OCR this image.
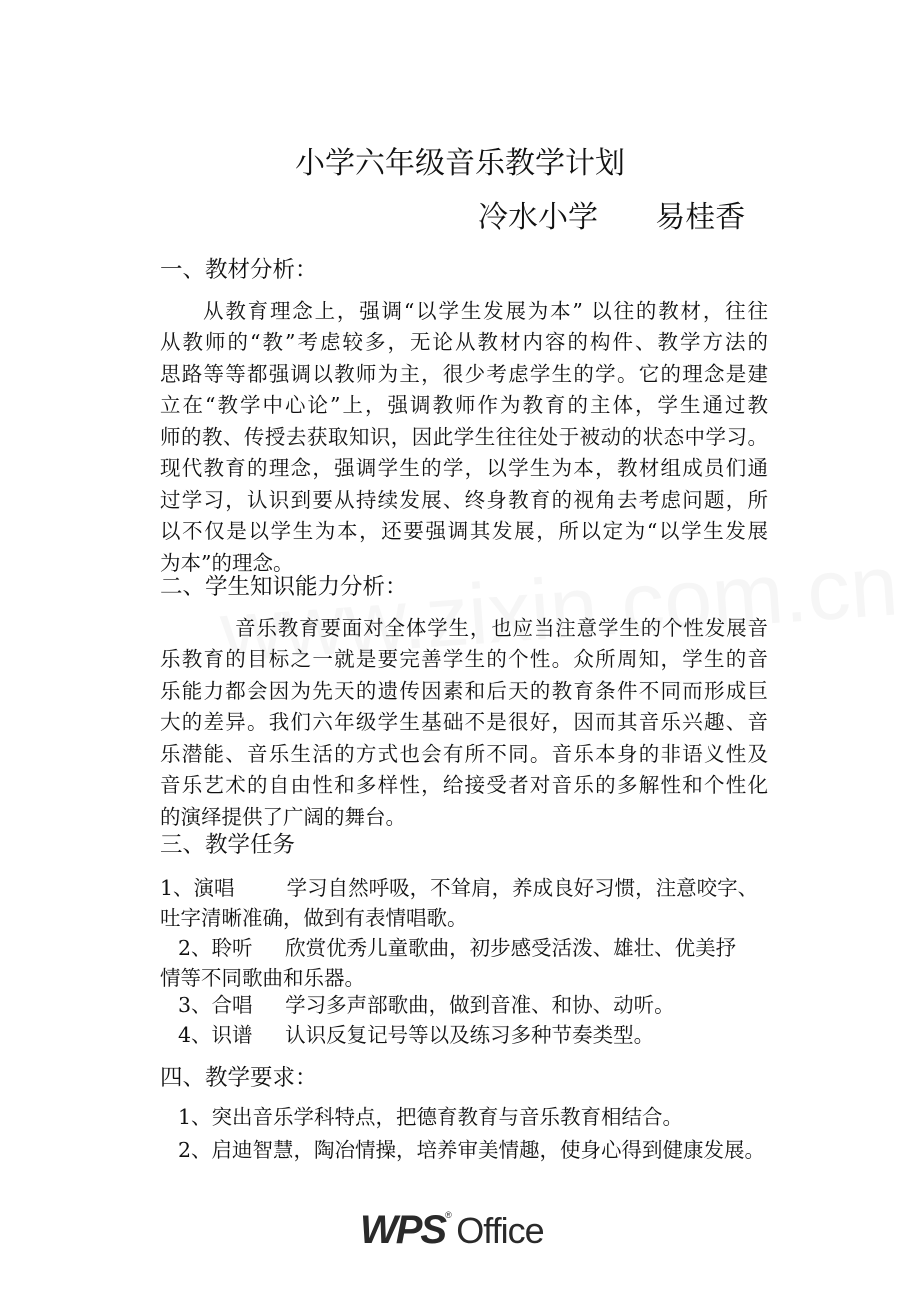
小学六年级音乐教学计划
冷水小学      易桂香
一、教材分析：
从教育理念上，强调“以学生发展为本” 以往的教材，往往
从教师的“教”考虑较多，无论从教材内容的构件、教学方法的
思路等等都强调以教师为主，很少考虑学生的学。它的理念是建
立在“教学中心论”上，强调教师作为教育的主体，学生通过教
师的教、传授去获取知识，因此学生往往处于被动的状态中学习。
现代教育的理念，强调学生的学，以学生为本，教材组成员们通
过学习，认识到要从持续发展、终身教育的视角去考虑问题，所
以不仅是以学生为本，还要强调其发展，所以定为“以学生发展
为本”的理念。
二、学生知识能力分析：
音乐教育要面对全体学生，也应当注意学生的个性发展音
乐教育的目标之一就是要完善学生的个性。众所周知，学生的音
乐能力都会因为先天的遗传因素和后天的教育条件不同而形成巨
大的差异。我们六年级学生基础不是很好，因而其音乐兴趣、音
乐潜能、音乐生活的方式也会有所不同。音乐本身的非语义性及
音乐艺术的自由性和多样性，给接受者对音乐的多解性和个性化
的演绎提供了广阔的舞台。
三、教学任务
1、演唱        学习自然呼吸，不耸肩，养成良好习惯，注意咬字、
吐字清晰准确，做到有表情唱歌。
2、聆听     欣赏优秀儿童歌曲，初步感受活泼、雄壮、优美抒
情等不同歌曲和乐器。
3、合唱     学习多声部歌曲，做到音准、和协、动听。
4、识谱     认识反复记号等以及练习多种节奏类型。
四、教学要求：
1、突出音乐学科特点，把德育教育与音乐教育相结合。
2、启迪智慧，陶冶情操，培养审美情趣，使身心得到健康发展。
WPS® Office
